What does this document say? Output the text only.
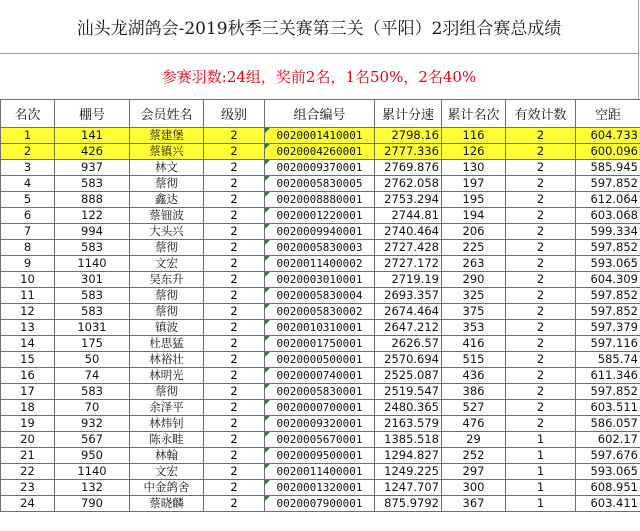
汕头龙湖鸽会-2019秋季三关赛第三关（平阳）2羽组合赛总成绩
参赛羽数:24组，奖前2名，1名50%，2名40%
名次	棚号	会员姓名	级别	组合编号	累计分速	累计名次	有效计数	空距
1	141	蔡建堡	2	0020001410001	2798.16	116	2	604.733
2	426	蔡镇兴	2	0020004260001	2777.336	126	2	600.096
3	937	林文	2	0020009370001	2769.876	130	2	585.945
4	583	蔡彻	2	0020005830005	2762.058	197	2	597.852
5	888	鑫达	2	0020008880001	2753.294	195	2	612.064
6	122	蔡钿波	2	0020001220001	2744.81	194	2	603.068
7	994	大头兴	2	0020009940001	2740.464	206	2	599.334
8	583	蔡彻	2	0020005830003	2727.428	225	2	597.852
9	1140	文宏	2	0020011400002	2727.172	263	2	593.065
10	301	吴东升	2	0020003010001	2719.19	290	2	604.309
11	583	蔡彻	2	0020005830004	2693.357	325	2	597.852
12	583	蔡彻	2	0020005830002	2674.464	375	2	597.852
13	1031	镇波	2	0020010310001	2647.212	353	2	597.379
14	175	杜思猛	2	0020001750001	2626.57	416	2	597.116
15	50	林裕壮	2	0020000500001	2570.694	515	2	585.74
16	74	林明光	2	0020000740001	2525.087	436	2	611.346
17	583	蔡彻	2	0020005830001	2519.547	386	2	597.852
18	70	余泽平	2	0020000700001	2480.365	527	2	603.511
19	932	林炜钊	2	0020009320001	2163.579	476	2	586.057
20	567	陈永畦	2	0020005670001	1385.518	29	1	602.17
21	950	林翰	2	0020009500001	1294.827	252	1	597.676
22	1140	文宏	2	0020011400001	1249.225	297	1	593.065
23	132	中金鸽舍	2	0020001320001	1247.707	300	1	608.951
24	790	蔡晓麟	2	0020007900001	875.9792	367	1	603.411
